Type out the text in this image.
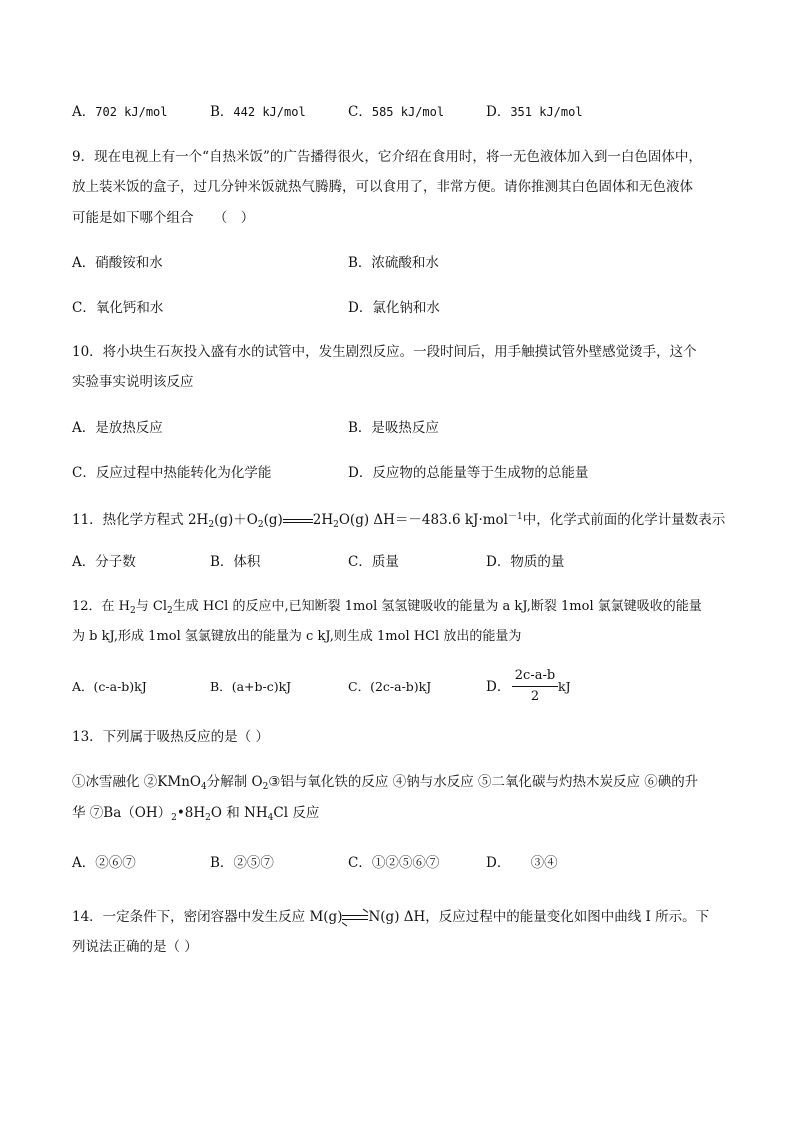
A．702 kJ/mol	B．442 kJ/mol	C．585 kJ/mol	D．351 kJ/mol
9．现在电视上有一个“自热米饭”的广告播得很火，它介绍在食用时，将一无色液体加入到一白色固体中，
放上装米饭的盒子，过几分钟米饭就热气腾腾，可以食用了，非常方便。请你推测其白色固体和无色液体
可能是如下哪个组合　　（　）
A．硝酸铵和水	B．浓硫酸和水
C．氧化钙和水	D．氯化钠和水
10．将小块生石灰投入盛有水的试管中，发生剧烈反应。一段时间后，用手触摸试管外壁感觉烫手，这个
实验事实说明该反应
A．是放热反应	B．是吸热反应
C．反应过程中热能转化为化学能	D．反应物的总能量等于生成物的总能量
11．热化学方程式 $2H_2(g)+O_2(g)$ $2H_2O(g)$ ΔH＝－483.6 kJ·mol$^{-1}$中，化学式前面的化学计量数表示
A．分子数	B．体积	C．质量	D．物质的量
12．在 $H_2$与 $Cl_2$生成 HCl 的反应中,已知断裂 1mol 氢氢键吸收的能量为 a kJ,断裂 1mol 氯氯键吸收的能量
为 b kJ,形成 1mol 氢氯键放出的能量为 c kJ,则生成 1mol HCl 放出的能量为
A．(c-a-b)kJ	B．(a+b-c)kJ	C．(2c-a-b)kJ	D．
2c-a-b
2
kJ
13．下列属于吸热反应的是（ ）
①冰雪融化 ②KMnO$_4$分解制 $O_2③$铝与氧化铁的反应 ④钠与水反应 ⑤二氧化碳与灼热木炭反应 ⑥碘的升
华 $⑦Ba(OH)_2•8H_2O$ 和 $NH_4Cl$ 反应
A．②⑥⑦	B．②⑤⑦	C．①②⑤⑥⑦	D．　　③④
14．一定条件下，密闭容器中发生反应 M(g)⇌N(g) ΔH，反应过程中的能量变化如图中曲线 I 所示。下
列说法正确的是（ ）
